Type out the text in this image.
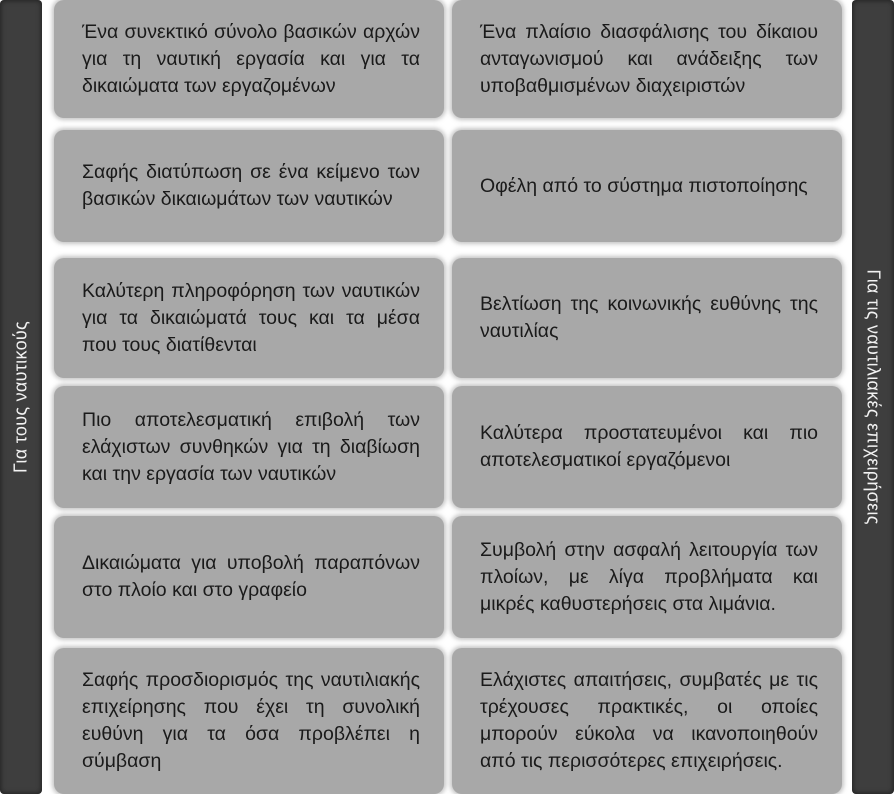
Για τους ναυτικούς

Ένα συνεκτικό σύνολο βασικών αρχών για τη ναυτική εργασία και για τα δικαιώματα των εργαζομένων

Σαφής διατύπωση σε ένα κείμενο των βασικών δικαιωμάτων των ναυτικών

Καλύτερη πληροφόρηση των ναυτικών για τα δικαιώματά τους και τα μέσα που τους διατίθενται

Πιο αποτελεσματική επιβολή των ελάχιστων συνθηκών για τη διαβίωση και την εργασία των ναυτικών

Δικαιώματα για υποβολή παραπόνων στο πλοίο και στο γραφείο

Σαφής προσδιορισμός της ναυτιλιακής επιχείρησης που έχει τη συνολική ευθύνη για τα όσα προβλέπει η σύμβαση

Ένα πλαίσιο διασφάλισης του δίκαιου ανταγωνισμού και ανάδειξης των υποβαθμισμένων διαχειριστών

Οφέλη από το σύστημα πιστοποίησης

Βελτίωση της κοινωνικής ευθύνης της ναυτιλίας

Καλύτερα προστατευμένοι και πιο αποτελεσματικοί εργαζόμενοι

Συμβολή στην ασφαλή λειτουργία των πλοίων, με λίγα προβλήματα και μικρές καθυστερήσεις στα λιμάνια.

Ελάχιστες απαιτήσεις, συμβατές με τις τρέχουσες πρακτικές, οι οποίες μπορούν εύκολα να ικανοποιηθούν από τις περισσότερες επιχειρήσεις.

Για τις ναυτιλιακές επιχειρήσεις
